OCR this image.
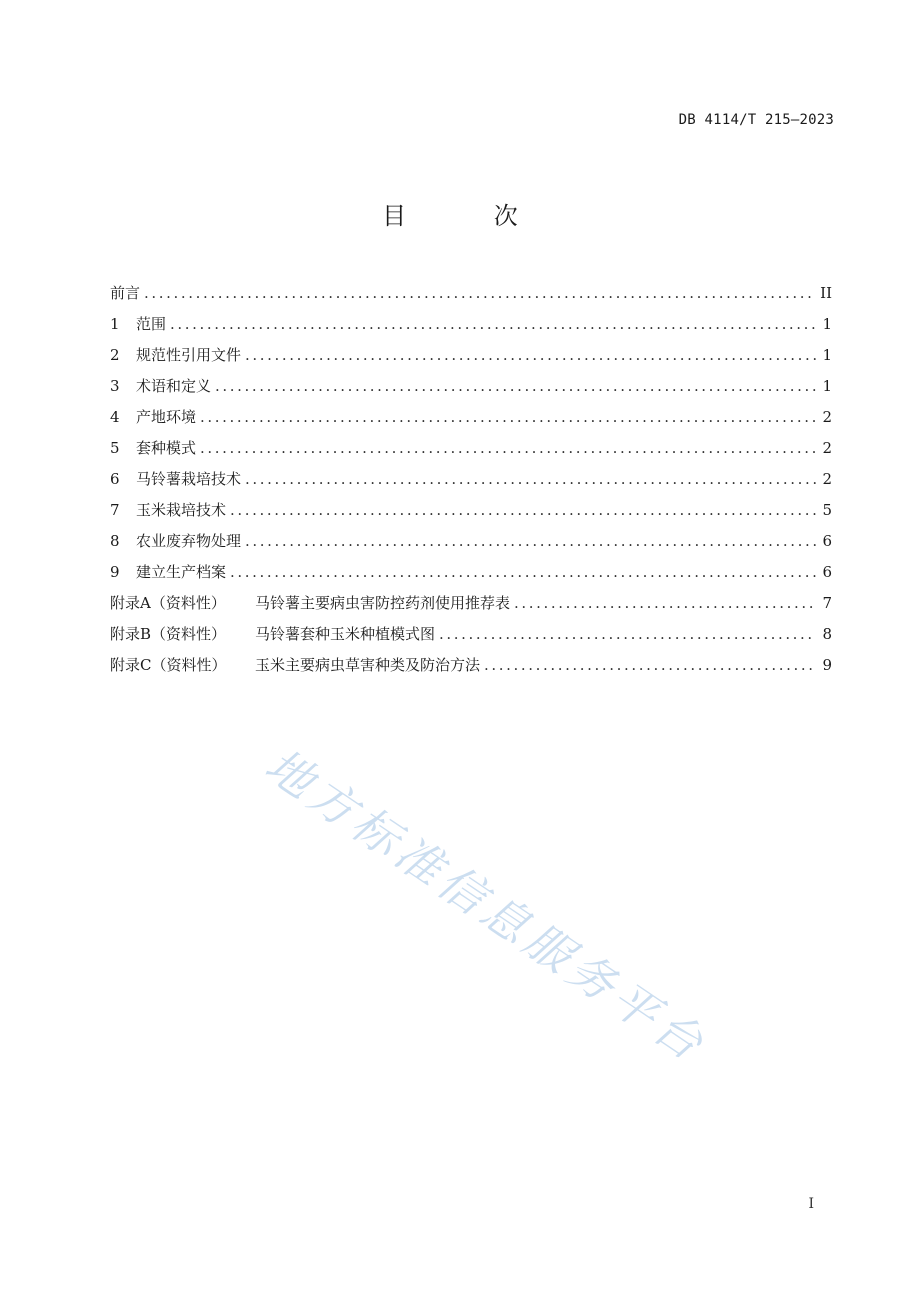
DB 4114/T 215—2023
目 次
前言 .....	II
1	范围 .....	1
2	规范性引用文件 .....	1
3	术语和定义 .....	1
4	产地环境 .....	2
5	套种模式 .....	2
6	马铃薯栽培技术 .....	2
7	玉米栽培技术 .....	5
8	农业废弃物处理 .....	6
9	建立生产档案 .....	6
附录A（资料性）	马铃薯主要病虫害防控药剂使用推荐表 .....	7
附录B（资料性）	马铃薯套种玉米种植模式图 .....	8
附录C（资料性）	玉米主要病虫草害种类及防治方法 .....	9
地方标准信息服务平台
I
